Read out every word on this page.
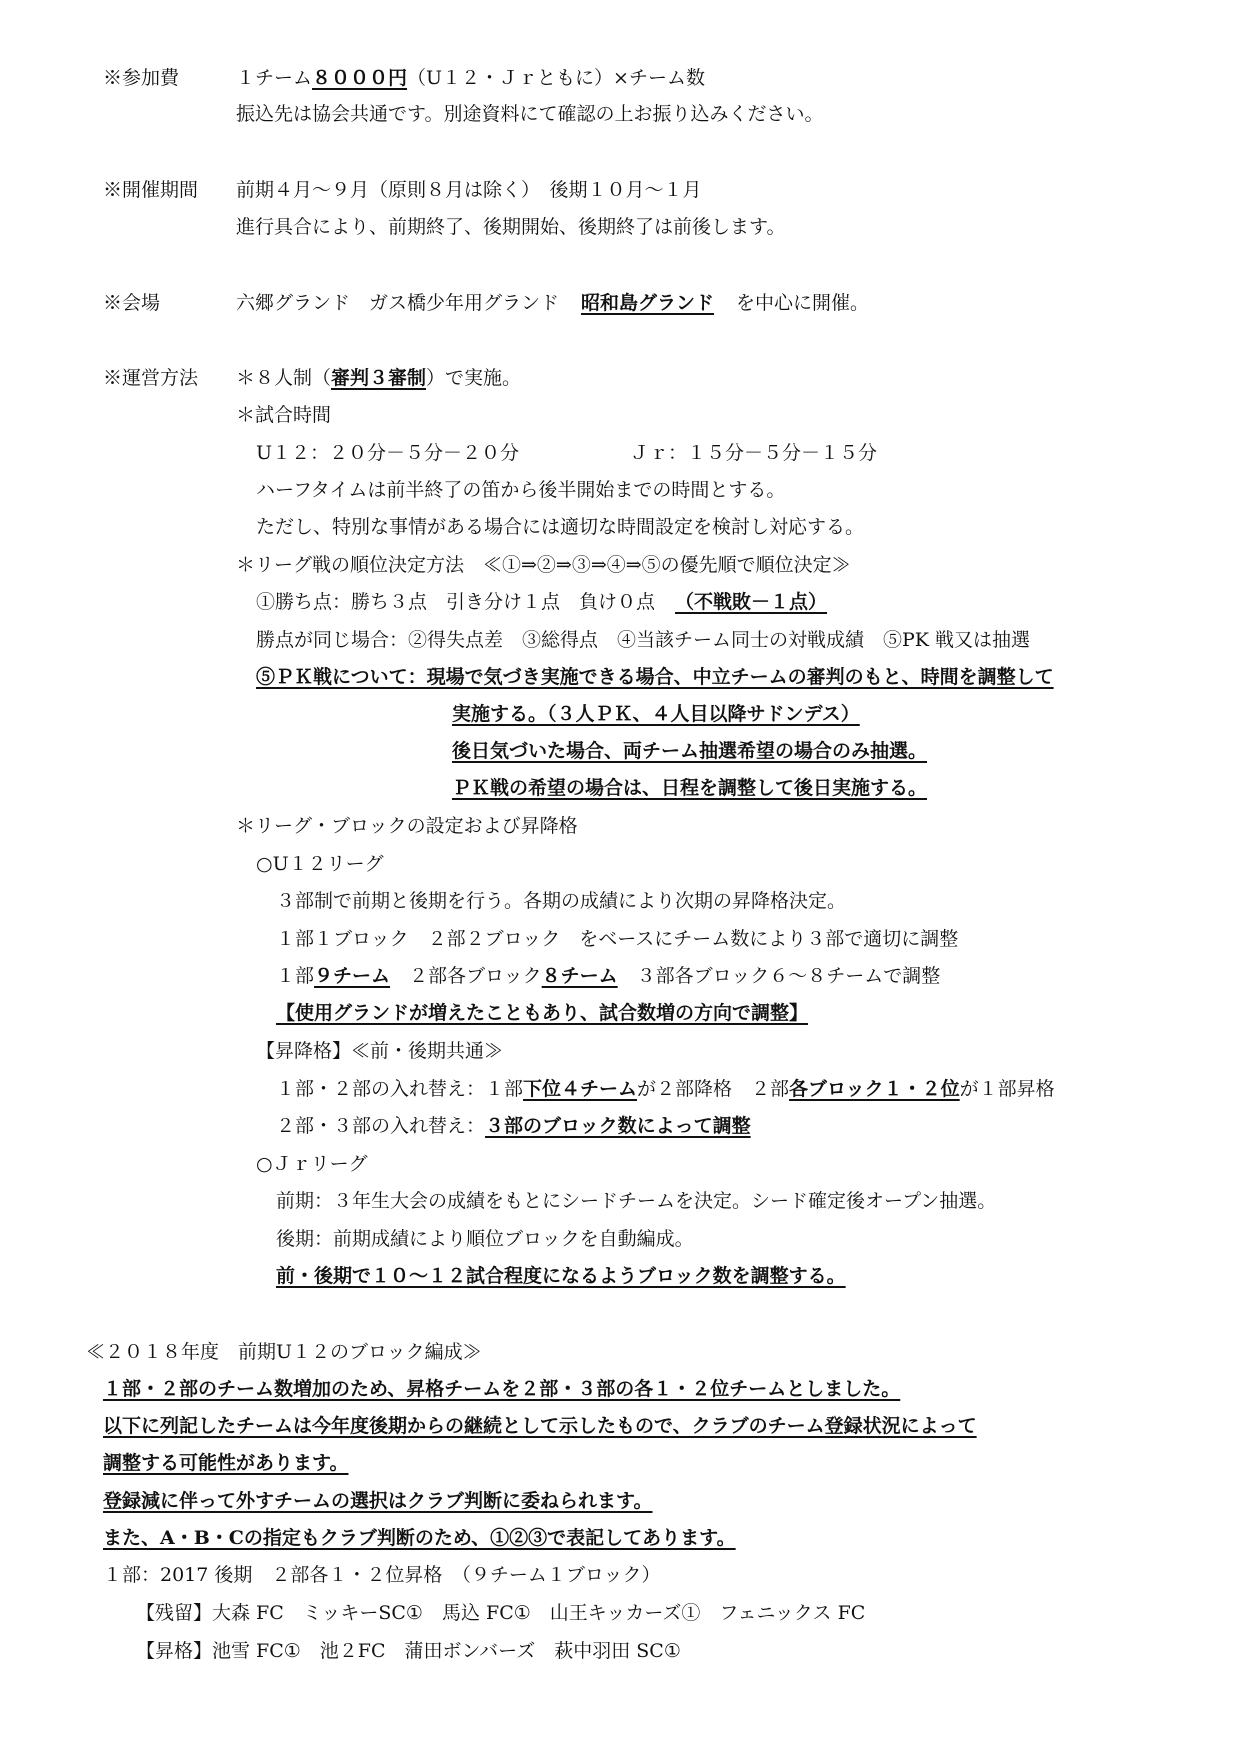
※参加費	１チーム８０００円（U１２・Ｊｒともに）×チーム数
振込先は協会共通です。別途資料にて確認の上お振り込みください。
※開催期間 前期４月～９月（原則８月は除く）　後期１０月～１月
進行具合により、前期終了、後期開始、後期終了は前後します。
※会場	六郷グランド　ガス橋少年用グランド 昭和島グランド を中心に開催。
※運営方法 ＊８人制（審判３審制）で実施。
＊試合時間
U１２：２０分－５分－２０分	Ｊｒ：１５分－５分－１５分
ハーフタイムは前半終了の笛から後半開始までの時間とする。
ただし、特別な事情がある場合には適切な時間設定を検討し対応する。
＊リーグ戦の順位決定方法　≪①⇒②⇒③⇒④⇒⑤の優先順で順位決定≫
①勝ち点：勝ち３点　引き分け１点　負け０点 （不戦敗－１点）
勝点が同じ場合：②得失点差　③総得点　④当該チーム同士の対戦成績　⑤PK 戦又は抽選
⑤ＰＫ戦について：現場で気づき実施できる場合、中立チームの審判のもと、時間を調整して
実施する。（３人ＰＫ、４人目以降サドンデス）
後日気づいた場合、両チーム抽選希望の場合のみ抽選。
ＰＫ戦の希望の場合は、日程を調整して後日実施する。
＊リーグ・ブロックの設定および昇降格
○U１２リーグ
３部制で前期と後期を行う。各期の成績により次期の昇降格決定。
１部１ブロック　２部２ブロック　をベースにチーム数により３部で適切に調整
１部９チーム　２部各ブロック８チーム　３部各ブロック６～８チームで調整
【使用グランドが増えたこともあり、試合数増の方向で調整】
【昇降格】≪前・後期共通≫
１部・２部の入れ替え：１部下位４チームが２部降格　２部各ブロック１・２位が１部昇格
２部・３部の入れ替え：３部のブロック数によって調整
○Ｊｒリーグ
前期：３年生大会の成績をもとにシードチームを決定。シード確定後オープン抽選。
後期：前期成績により順位ブロックを自動編成。
前・後期で１０～１２試合程度になるようブロック数を調整する。
≪２０１８年度　前期U１２のブロック編成≫
１部・２部のチーム数増加のため、昇格チームを２部・３部の各１・２位チームとしました。
以下に列記したチームは今年度後期からの継続として示したもので、クラブのチーム登録状況によって
調整する可能性があります。
登録減に伴って外すチームの選択はクラブ判断に委ねられます。
また、A・B・Cの指定もクラブ判断のため、①②③で表記してあります。
１部：2017 後期　２部各１・２位昇格　（９チーム１ブロック）
【残留】大森 FC　ミッキーSC①　馬込 FC①　山王キッカーズ①　フェニックス FC
【昇格】池雪 FC①　池２FC　蒲田ボンバーズ　萩中羽田 SC①
